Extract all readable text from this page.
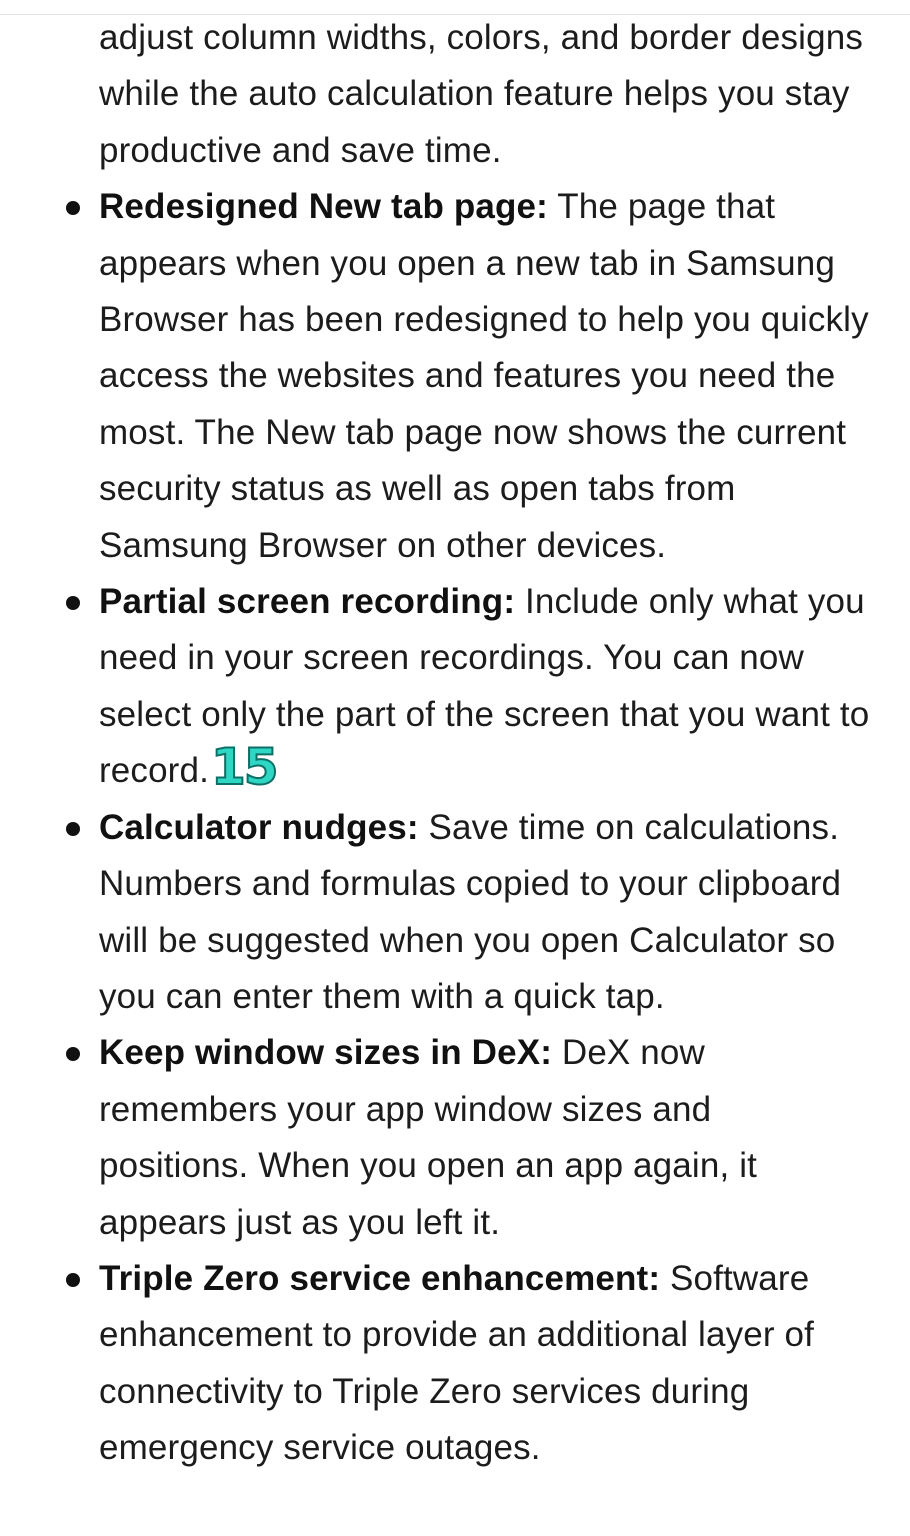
adjust column widths, colors, and border designs while the auto calculation feature helps you stay productive and save time.
Redesigned New tab page: The page that appears when you open a new tab in Samsung Browser has been redesigned to help you quickly access the websites and features you need the most. The New tab page now shows the current security status as well as open tabs from Samsung Browser on other devices.
Partial screen recording: Include only what you need in your screen recordings. You can now select only the part of the screen that you want to record.15
Calculator nudges: Save time on calculations. Numbers and formulas copied to your clipboard will be suggested when you open Calculator so you can enter them with a quick tap.
Keep window sizes in DeX: DeX now remembers your app window sizes and positions. When you open an app again, it appears just as you left it.
Triple Zero service enhancement: Software enhancement to provide an additional layer of connectivity to Triple Zero services during emergency service outages.
